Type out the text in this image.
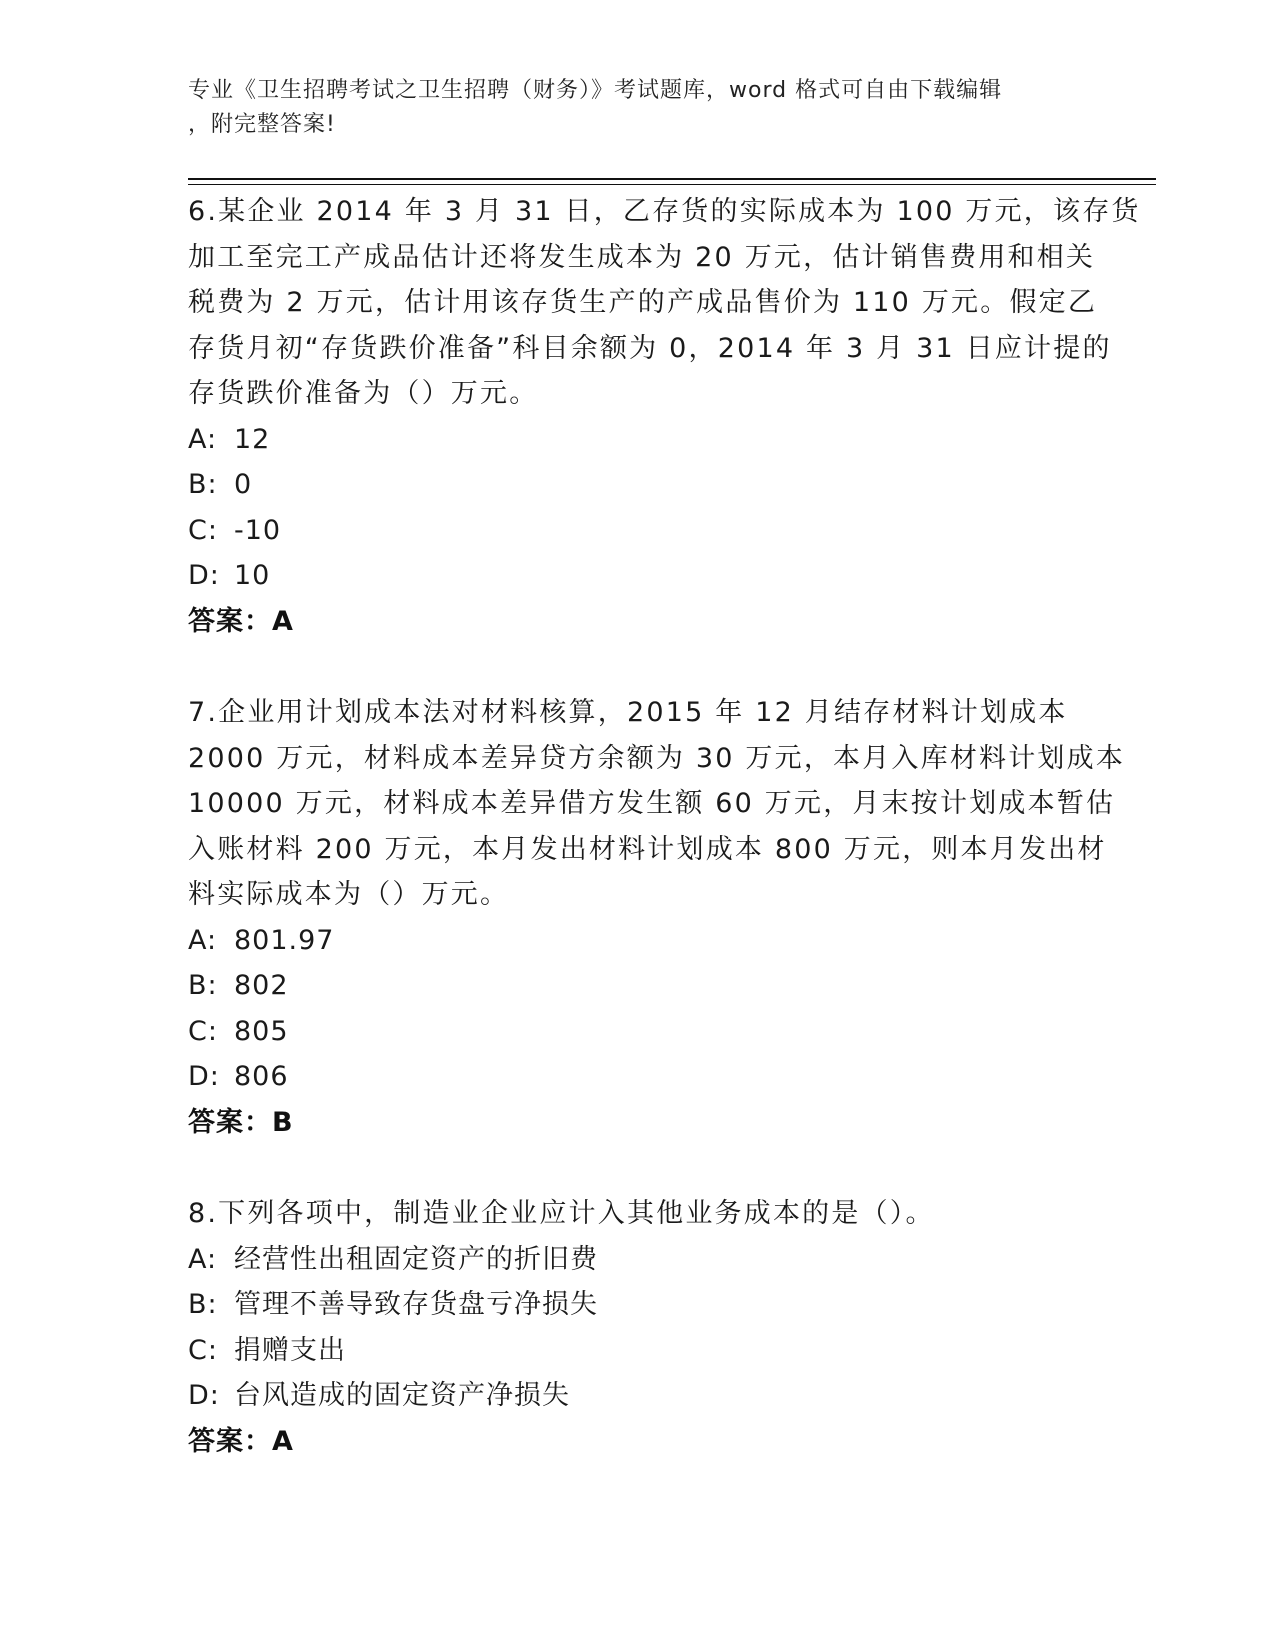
专业《卫生招聘考试之卫生招聘（财务）》考试题库，word 格式可自由下载编辑
，附完整答案!
6.某企业 2014 年 3 月 31 日，乙存货的实际成本为 100 万元，该存货
加工至完工产成品估计还将发生成本为 20 万元，估计销售费用和相关
税费为 2 万元，估计用该存货生产的产成品售价为 110 万元。假定乙
存货月初“存货跌价准备”科目余额为 0，2014 年 3 月 31 日应计提的
存货跌价准备为（）万元。
A: 12
B: 0
C: -10
D: 10
答案：A
7.企业用计划成本法对材料核算，2015 年 12 月结存材料计划成本
2000 万元，材料成本差异贷方余额为 30 万元，本月入库材料计划成本
10000 万元，材料成本差异借方发生额 60 万元，月末按计划成本暂估
入账材料 200 万元，本月发出材料计划成本 800 万元，则本月发出材
料实际成本为（）万元。
A: 801.97
B: 802
C: 805
D: 806
答案：B
8.下列各项中，制造业企业应计入其他业务成本的是（）。
A: 经营性出租固定资产的折旧费
B: 管理不善导致存货盘亏净损失
C: 捐赠支出
D: 台风造成的固定资产净损失
答案：A
